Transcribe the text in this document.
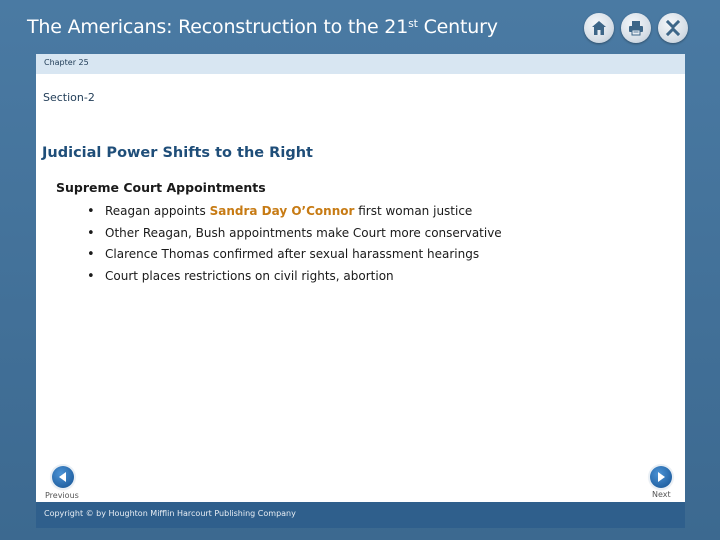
The Americans: Reconstruction to the 21st Century
Chapter 25
Section-2
Judicial Power Shifts to the Right
Supreme Court Appointments
• Reagan appoints Sandra Day O’Connor first woman justice
• Other Reagan, Bush appointments make Court more conservative
• Clarence Thomas confirmed after sexual harassment hearings
• Court places restrictions on civil rights, abortion
Previous	Next
Copyright © by Houghton Mifflin Harcourt Publishing Company
